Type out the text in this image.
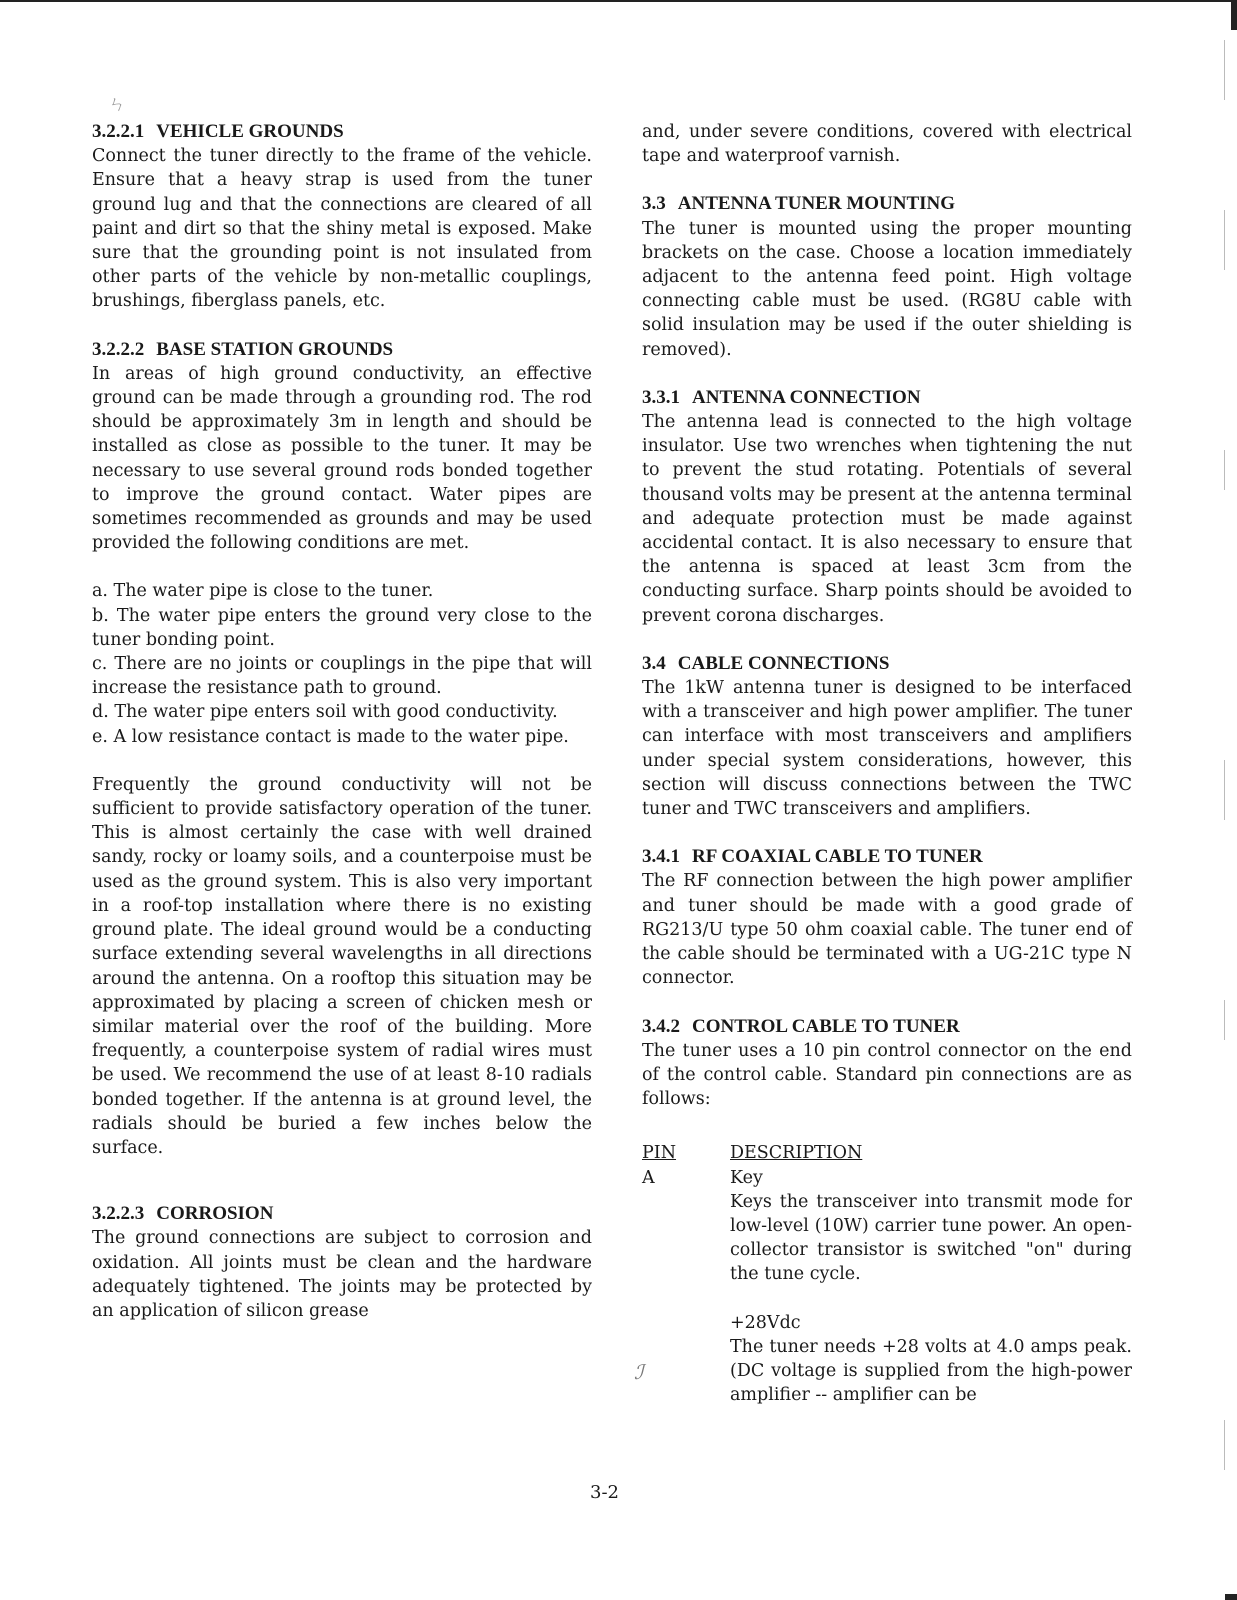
ㄣ
3.2.2.1 VEHICLE GROUNDS

Connect the tuner directly to the frame of the vehicle. Ensure that a heavy strap is used from the tuner ground lug and that the connections are cleared of all paint and dirt so that the shiny metal is exposed. Make sure that the grounding point is not insulated from other parts of the vehicle by non-metallic couplings, brushings, fiberglass panels, etc.

3.2.2.2 BASE STATION GROUNDS

In areas of high ground conductivity, an effective ground can be made through a grounding rod. The rod should be approximately 3m in length and should be installed as close as possible to the tuner. It may be necessary to use several ground rods bonded together to improve the ground contact. Water pipes are sometimes recommended as grounds and may be used provided the following conditions are met.

a. The water pipe is close to the tuner.

b. The water pipe enters the ground very close to the tuner bonding point.

c. There are no joints or couplings in the pipe that will increase the resistance path to ground.

d. The water pipe enters soil with good conductivity.

e. A low resistance contact is made to the water pipe.

Frequently the ground conductivity will not be sufficient to provide satisfactory operation of the tuner. This is almost certainly the case with well drained sandy, rocky or loamy soils, and a counterpoise must be used as the ground system. This is also very important in a roof-top installation where there is no existing ground plate. The ideal ground would be a conducting surface extending several wavelengths in all directions around the antenna. On a rooftop this situation may be approximated by placing a screen of chicken mesh or similar material over the roof of the building. More frequently, a counterpoise system of radial wires must be used. We recommend the use of at least 8-10 radials bonded together. If the antenna is at ground level, the radials should be buried a few inches below the surface.

3.2.2.3 CORROSION

The ground connections are subject to corrosion and oxidation. All joints must be clean and the hardware adequately tightened. The joints may be protected by an application of silicon grease

and, under severe conditions, covered with electrical tape and waterproof varnish.

3.3 ANTENNA TUNER MOUNTING

The tuner is mounted using the proper mounting brackets on the case. Choose a location immediately adjacent to the antenna feed point. High voltage connecting cable must be used. (RG8U cable with solid insulation may be used if the outer shielding is removed).

3.3.1 ANTENNA CONNECTION

The antenna lead is connected to the high voltage insulator. Use two wrenches when tightening the nut to prevent the stud rotating. Potentials of several thousand volts may be present at the antenna terminal and adequate protection must be made against accidental contact. It is also necessary to ensure that the antenna is spaced at least 3cm from the conducting surface. Sharp points should be avoided to prevent corona discharges.

3.4 CABLE CONNECTIONS

The 1kW antenna tuner is designed to be interfaced with a transceiver and high power amplifier. The tuner can interface with most transceivers and amplifiers under special system considerations, however, this section will discuss connections between the TWC tuner and TWC transceivers and amplifiers.

3.4.1 RF COAXIAL CABLE TO TUNER

The RF connection between the high power amplifier and tuner should be made with a good grade of RG213/U type 50 ohm coaxial cable. The tuner end of the cable should be terminated with a UG-21C type N connector.

3.4.2 CONTROL CABLE TO TUNER

The tuner uses a 10 pin control connector on the end of the control cable. Standard pin connections are as follows:

PIN	DESCRIPTION
A	Key

Keys the transceiver into transmit mode for low-level (10W) carrier tune power. An open-collector transistor is switched "on" during the tune cycle.

+28Vdc

The tuner needs +28 volts at 4.0 amps peak. (DC voltage is supplied from the high-power amplifier -- amplifier can be

ℐ
3-2
